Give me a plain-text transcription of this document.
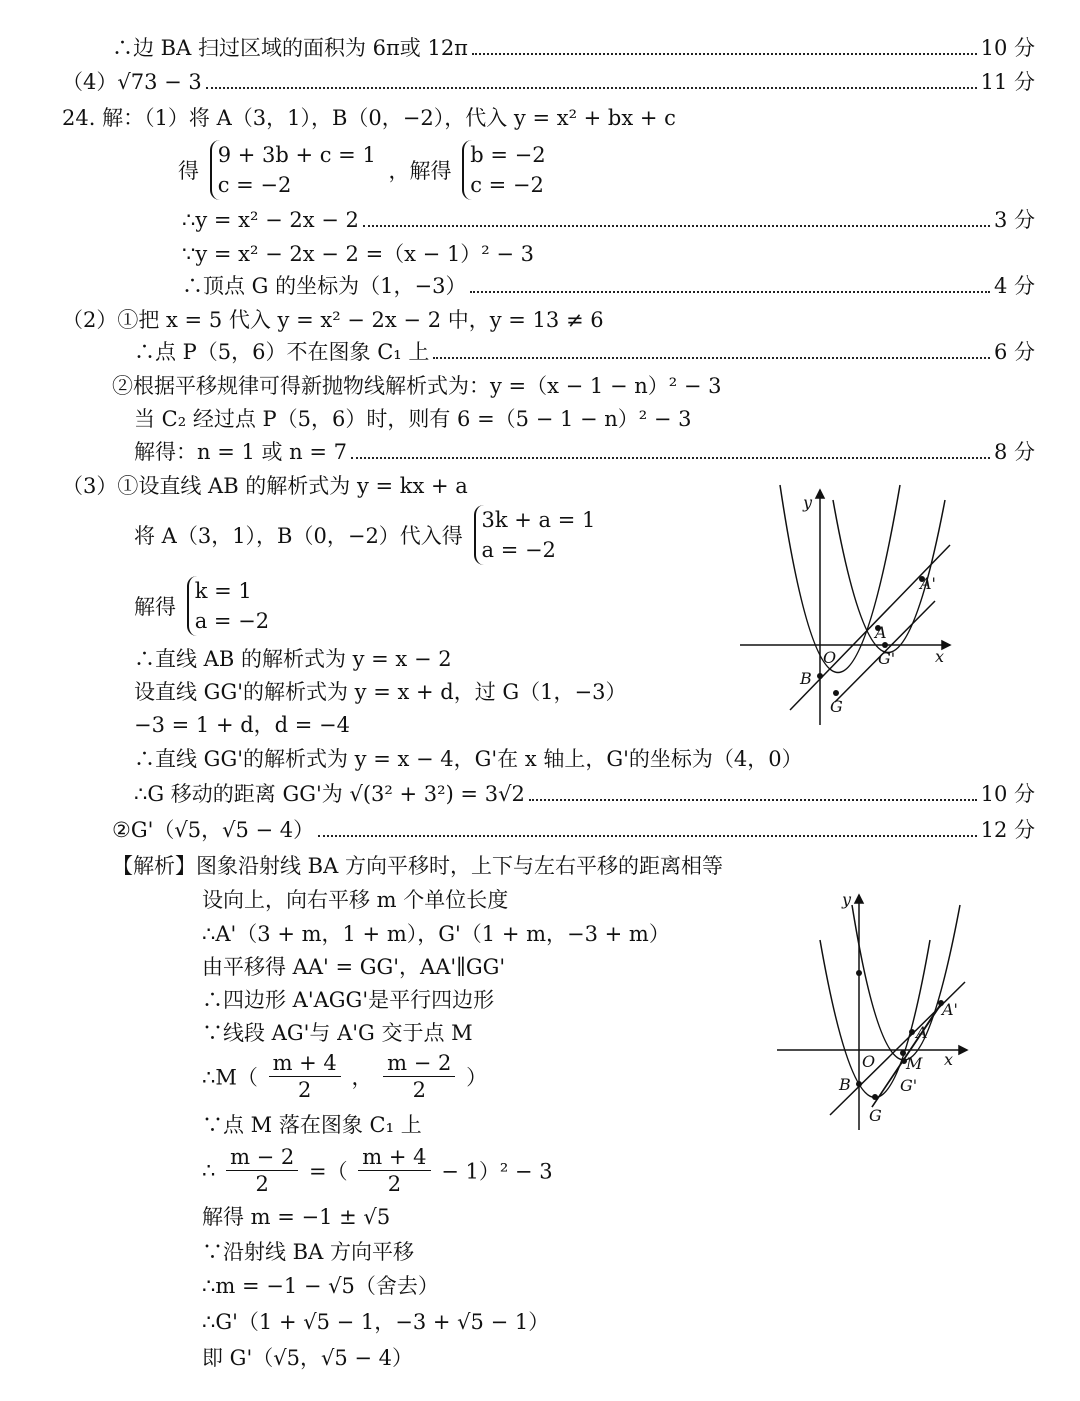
∴边 BA 扫过区域的面积为 6π或 12π	10 分
（4）√73 − 3	11 分
24. 解：（1）将 A（3，1），B（0，−2），代入 y = x² + bx + c
得
9 + 3b + c = 1
c = −2
，解得
b = −2
c = −2
∴y = x² − 2x − 2	3 分
∵y = x² − 2x − 2 =（x − 1）² − 3
∴顶点 G 的坐标为（1，−3）	4 分
（2）①把 x = 5 代入 y = x² − 2x − 2 中，y = 13 ≠ 6
∴点 P（5，6）不在图象 C₁ 上	6 分
②根据平移规律可得新抛物线解析式为：y =（x − 1 − n）² − 3
当 C₂ 经过点 P（5，6）时，则有 6 =（5 − 1 − n）² − 3
解得：n = 1 或 n = 7	8 分
（3）①设直线 AB 的解析式为 y = kx + a
将 A（3，1），B（0，−2）代入得
3k + a = 1
a = −2
解得
k = 1
a = −2
∴直线 AB 的解析式为 y = x − 2
设直线 GG'的解析式为 y = x + d，过 G（1，−3）
−3 = 1 + d，d = −4
∴直线 GG'的解析式为 y = x − 4，G'在 x 轴上，G'的坐标为（4，0）
∴G 移动的距离 GG'为 √(3² + 3²) = 3√2	10 分
②G'（√5，√5 − 4）	12 分
【解析】图象沿射线 BA 方向平移时，上下与左右平移的距离相等
设向上，向右平移 m 个单位长度
∴A'（3 + m，1 + m），G'（1 + m，−3 + m）
由平移得 AA' = GG'，AA'∥GG'
∴四边形 A'AGG'是平行四边形
∵线段 AG'与 A'G 交于点 M
∴M（ $\frac{m + 4}{2}$ ， $\frac{m - 2}{2}$ ）
∵点 M 落在图象 C₁ 上
∴ $\frac{m - 2}{2}$ =（ $\frac{m + 4}{2} - 1)^2 - 3$
解得 m = −1 ± √5
∵沿射线 BA 方向平移
∴m = −1 − √5（舍去）
∴G'（1 + √5 − 1，−3 + √5 − 1）
即 G'（√5，√5 − 4）
y
x
O
A
A'
B
G
G'
y
x
O
A
A'
B
G
G'
M
